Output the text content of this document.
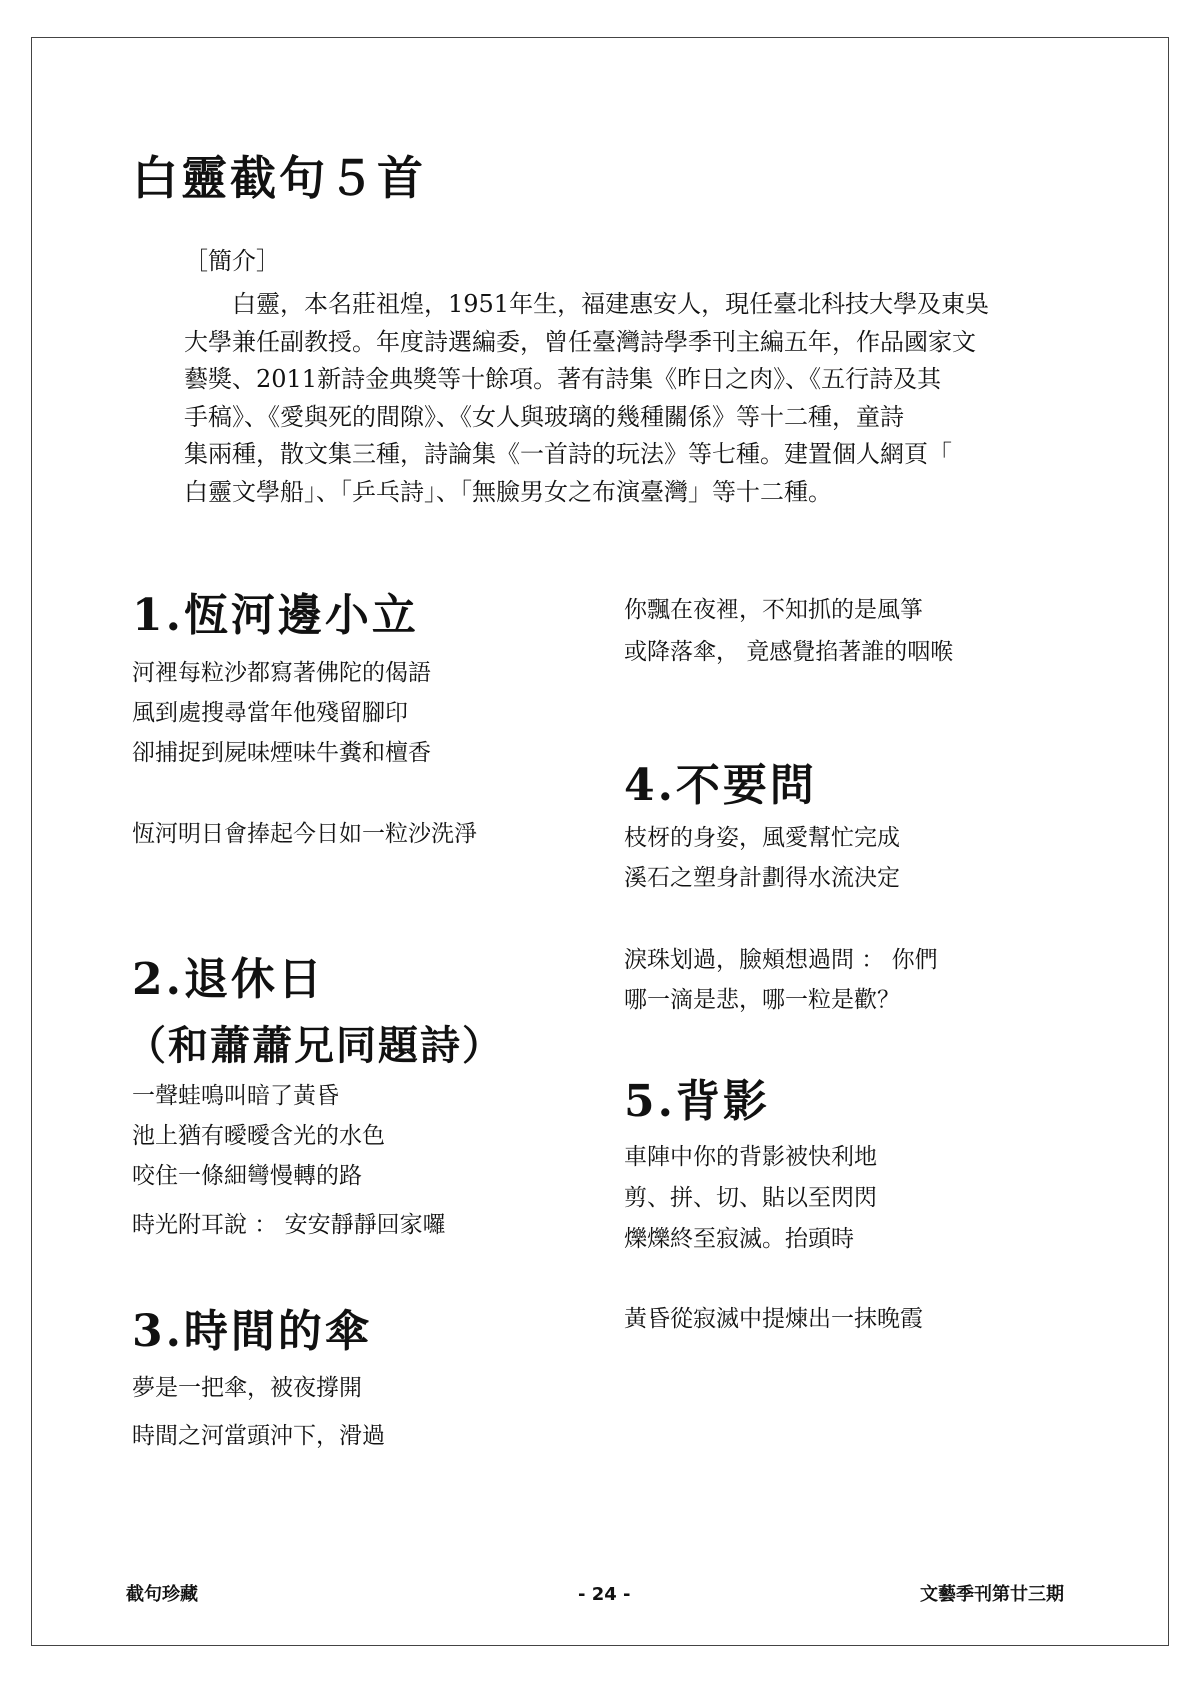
白靈截句５首
［簡介］
白靈，本名莊祖煌，1951年生，福建惠安人，現任臺北科技大學及東吳
大學兼任副教授。年度詩選編委，曾任臺灣詩學季刊主編五年，作品國家文
藝獎、2011新詩金典獎等十餘項。著有詩集《昨日之肉》、《五行詩及其
手稿》、《愛與死的間隙》、《女人與玻璃的幾種關係》等十二種，童詩
集兩種，散文集三種，詩論集《一首詩的玩法》等七種。建置個人網頁「
白靈文學船」、「乒乓詩」、「無臉男女之布演臺灣」等十二種。
1.恆河邊小立
河裡每粒沙都寫著佛陀的偈語
風到處搜尋當年他殘留腳印
卻捕捉到屍味煙味牛糞和檀香
恆河明日會捧起今日如一粒沙洗淨
2.退休日
（和蕭蕭兄同題詩）
一聲蛙鳴叫暗了黃昏
池上猶有曖曖含光的水色
咬住一條細彎慢轉的路
時光附耳說 ： 安安靜靜回家囉
3.時間的傘
夢是一把傘，被夜撐開
時間之河當頭沖下，滑過
你飄在夜裡，不知抓的是風箏
或降落傘， 竟感覺掐著誰的咽喉
4.不要問
枝枒的身姿，風愛幫忙完成
溪石之塑身計劃得水流決定
淚珠划過，臉頰想過問 ： 你們
哪一滴是悲，哪一粒是歡？
5.背影
車陣中你的背影被快利地
剪、拼、切、貼以至閃閃
爍爍終至寂滅。抬頭時
黃昏從寂滅中提煉出一抹晚霞
截句珍藏	- 24 -	文藝季刊第廿三期
